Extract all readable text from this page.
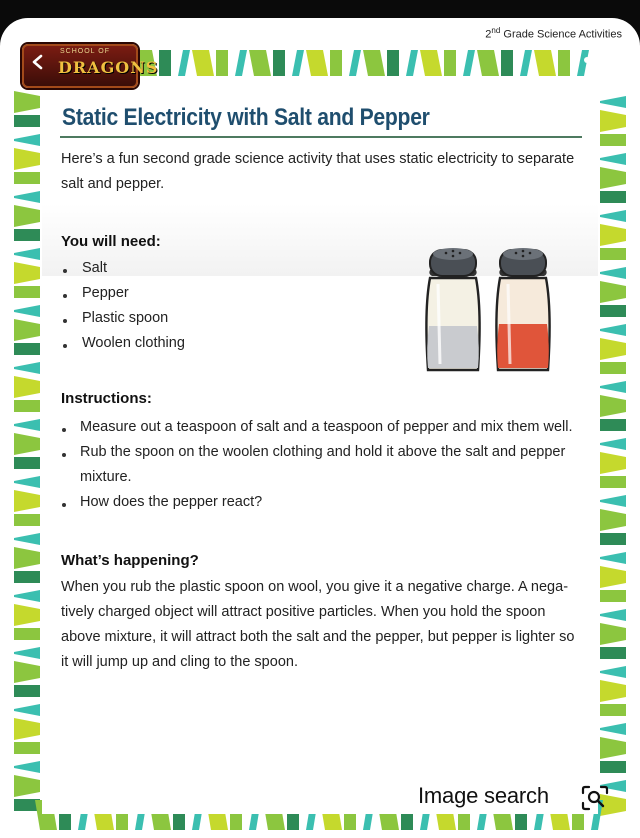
2nd Grade Science Activities
SCHOOL OF
DRAGONS
Static Electricity with Salt and Pepper
Here’s a fun second grade science activity that uses static electricity to separate
salt and pepper.
You will need:
Salt
Pepper
Plastic spoon
Woolen clothing
Instructions:
Measure out a teaspoon of salt and a teaspoon of pepper and mix them well.
Rub the spoon on the woolen clothing and hold it above the salt and pepper
mixture.
How does the pepper react?
What’s happening?
When you rub the plastic spoon on wool, you give it a negative charge. A nega-
tively charged object will attract positive particles. When you hold the spoon
above mixture, it will attract both the salt and the pepper, but pepper is lighter so
it will jump up and cling to the spoon.
Image search
